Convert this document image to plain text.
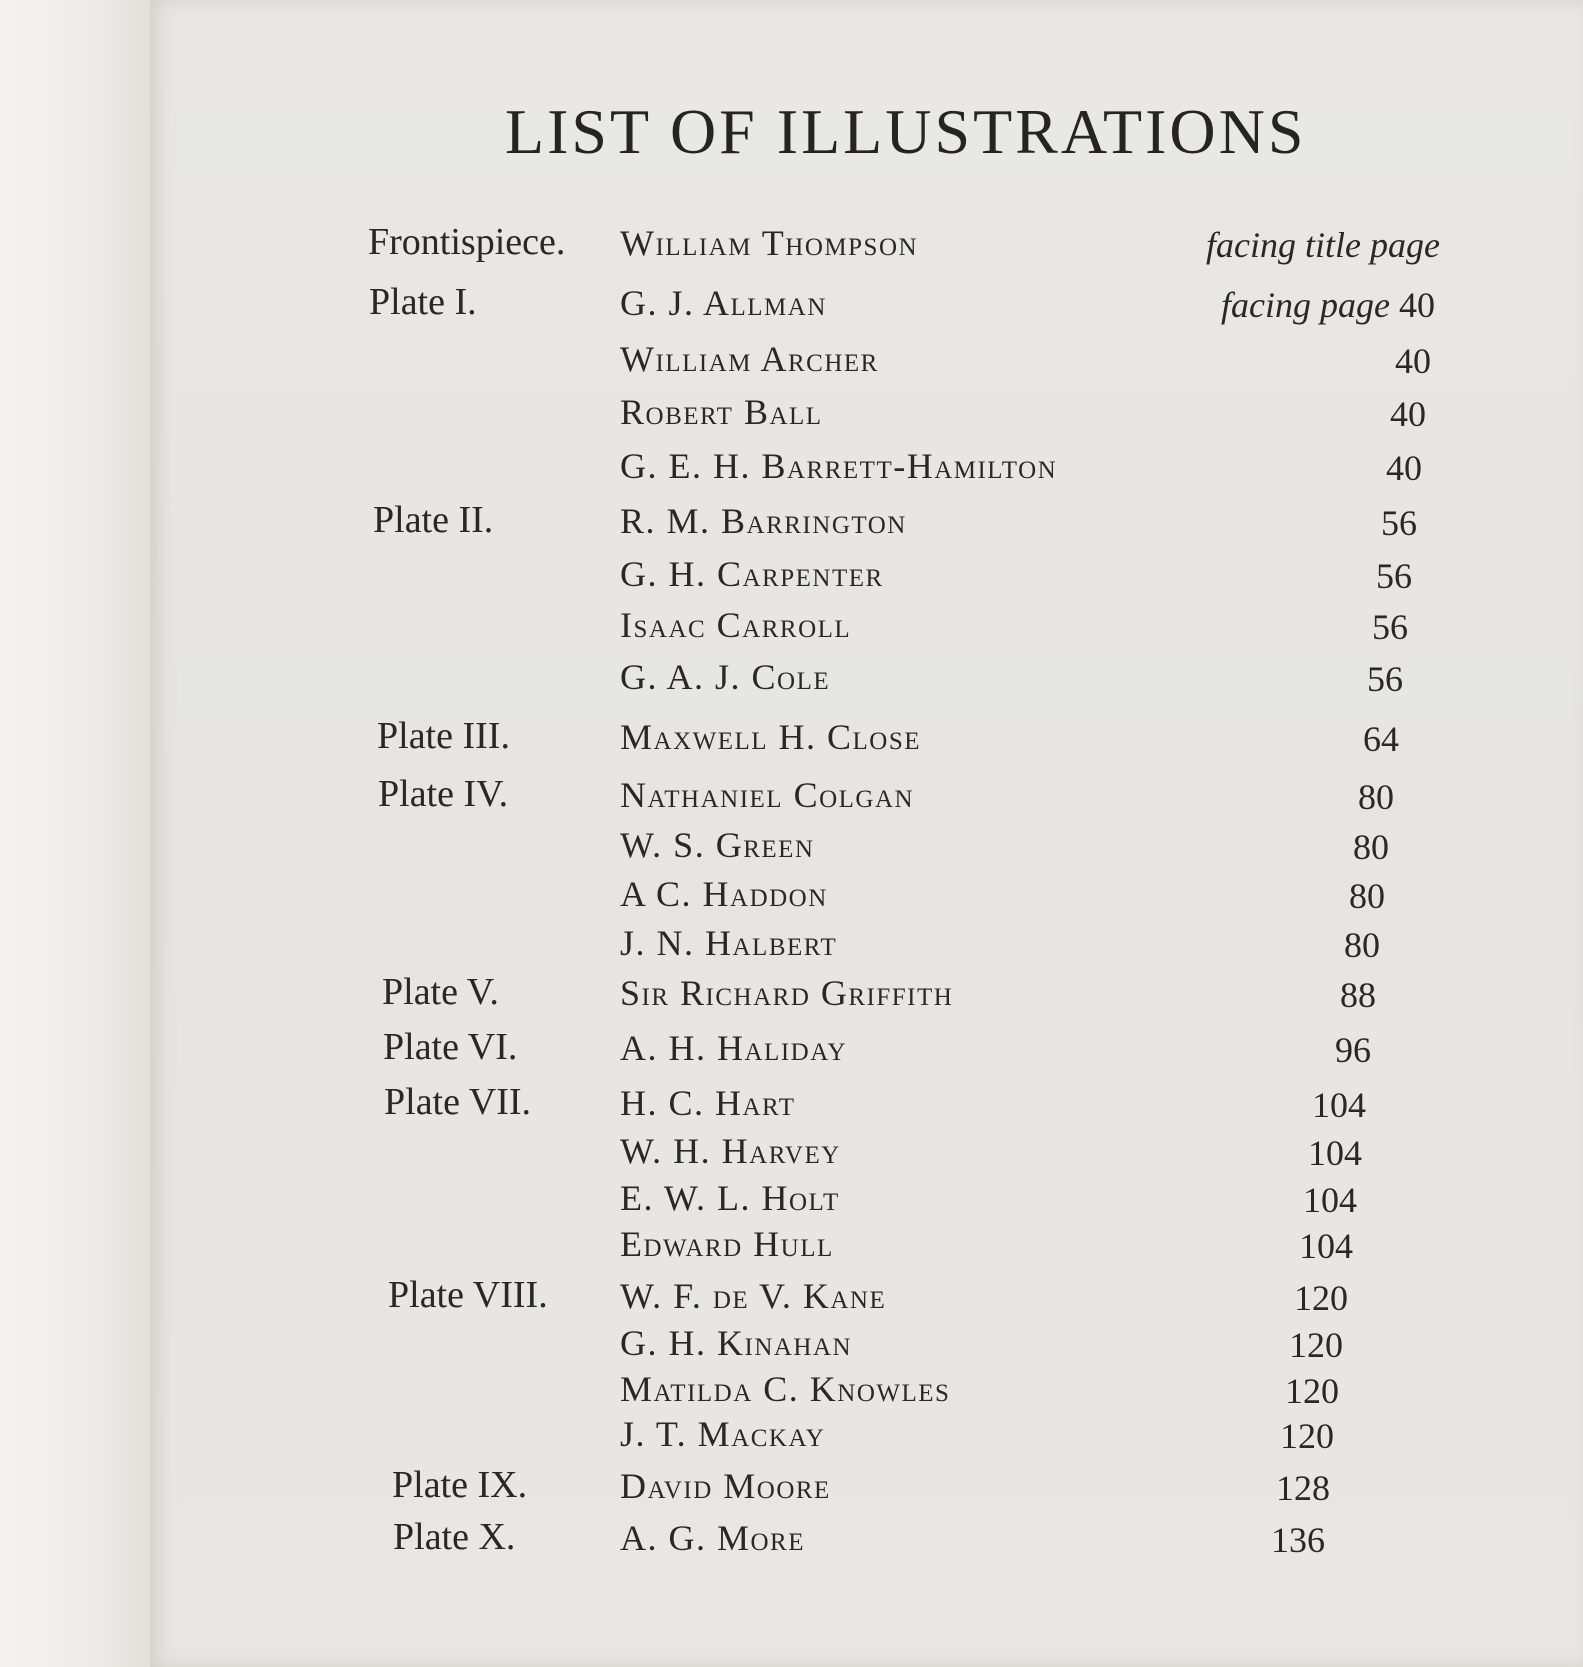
LIST OF ILLUSTRATIONS
Frontispiece. William Thompson	facing title page
Plate I.	G. J. Allman	facing page 40
William Archer	40
Robert Ball	40
G. E. H. Barrett-Hamilton	40
Plate II.	R. M. Barrington	56
G. H. Carpenter	56
Isaac Carroll	56
G. A. J. Cole	56
Plate III.	Maxwell H. Close	64
Plate IV.	Nathaniel Colgan	80
W. S. Green	80
A C. Haddon	80
J. N. Halbert	80
Plate V.	Sir Richard Griffith	88
Plate VI.	A. H. Haliday	96
Plate VII. H. C. Hart	104
W. H. Harvey	104
E. W. L. Holt	104
Edward Hull	104
Plate VIII. W. F. de V. Kane	120
G. H. Kinahan	120
Matilda C. Knowles	120
J. T. Mackay	120
Plate IX.	David Moore	128
Plate X.	A. G. More	136
